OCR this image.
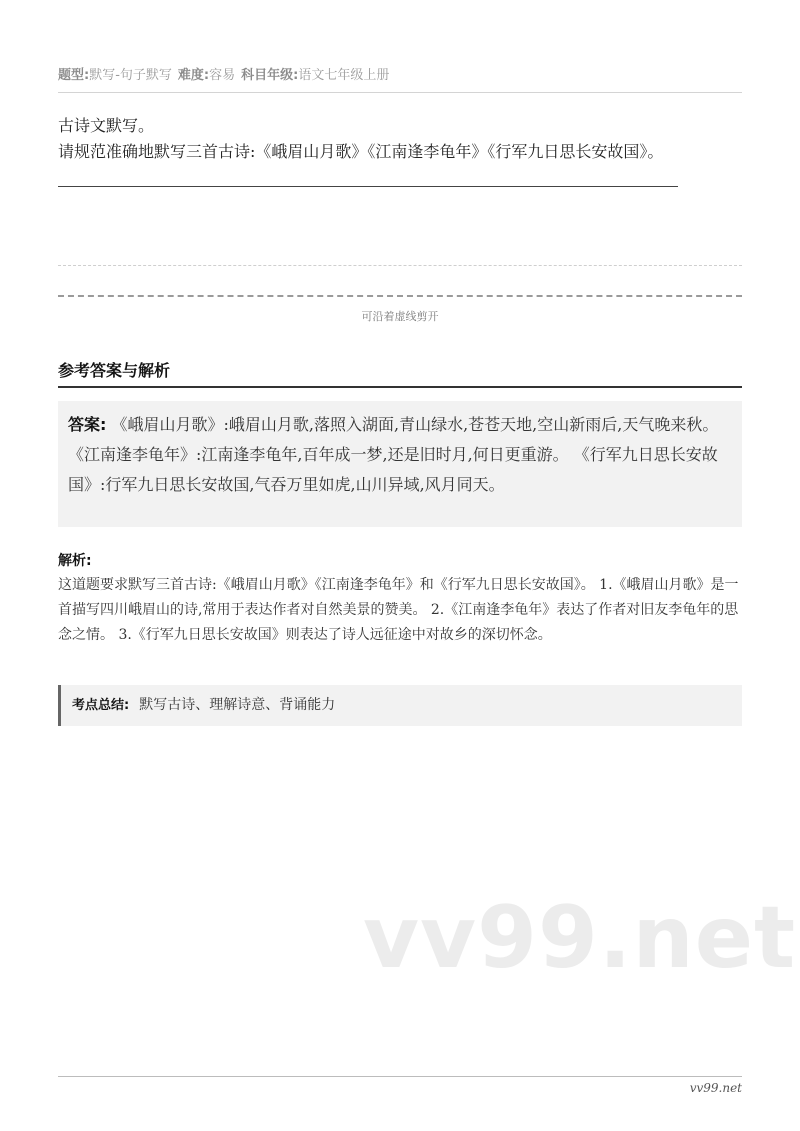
题型:默写-句子默写 难度:容易 科目年级:语文七年级上册
古诗文默写。
请规范准确地默写三首古诗:《峨眉山月歌》《江南逢李龟年》《行军九日思长安故国》。
可沿着虚线剪开
参考答案与解析
答案: 《峨眉山月歌》:峨眉山月歌,落照入湖面,青山绿水,苍苍天地,空山新雨后,天气晚来秋。 《江南逢李龟年》:江南逢李龟年,百年成一梦,还是旧时月,何日更重游。 《行军九日思长安故国》:行军九日思长安故国,气吞万里如虎,山川异域,风月同天。
解析:
这道题要求默写三首古诗:《峨眉山月歌》《江南逢李龟年》和《行军九日思长安故国》。 1.《峨眉山月歌》是一首描写四川峨眉山的诗,常用于表达作者对自然美景的赞美。 2.《江南逢李龟年》表达了作者对旧友李龟年的思念之情。 3.《行军九日思长安故国》则表达了诗人远征途中对故乡的深切怀念。
考点总结: 默写古诗、理解诗意、背诵能力
vv99.net
vv99.net
